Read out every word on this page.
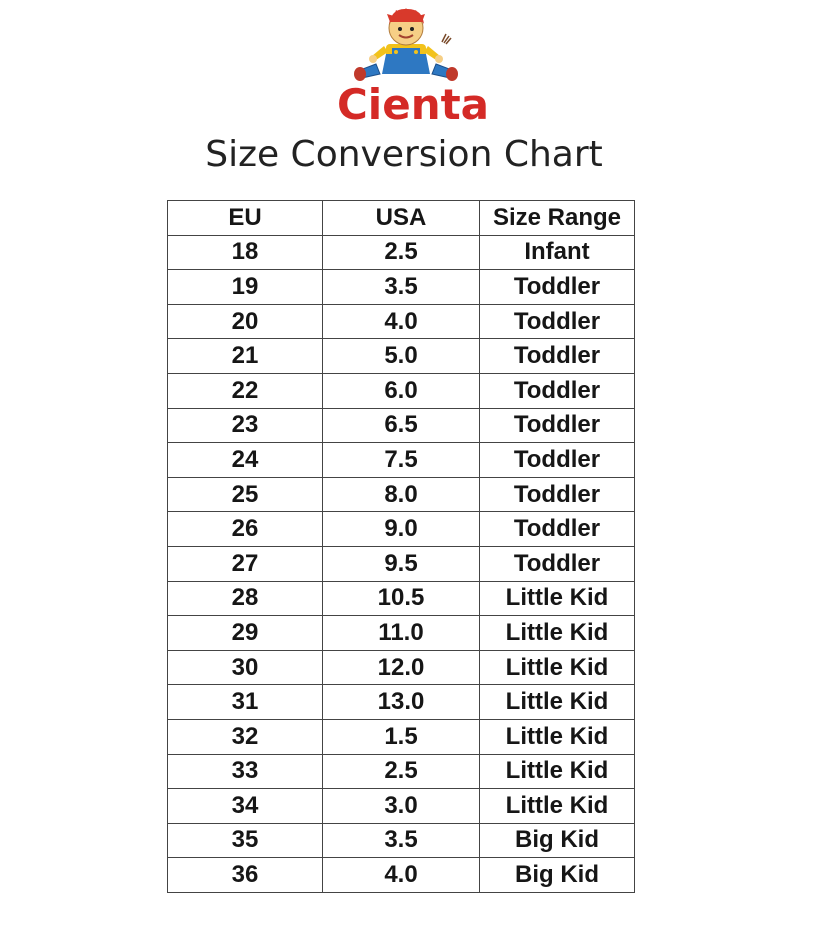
Cienta
Size Conversion Chart
EU	USA	Size Range
18	2.5	Infant
19	3.5	Toddler
20	4.0	Toddler
21	5.0	Toddler
22	6.0	Toddler
23	6.5	Toddler
24	7.5	Toddler
25	8.0	Toddler
26	9.0	Toddler
27	9.5	Toddler
28	10.5	Little Kid
29	11.0	Little Kid
30	12.0	Little Kid
31	13.0	Little Kid
32	1.5	Little Kid
33	2.5	Little Kid
34	3.0	Little Kid
35	3.5	Big Kid
36	4.0	Big Kid
